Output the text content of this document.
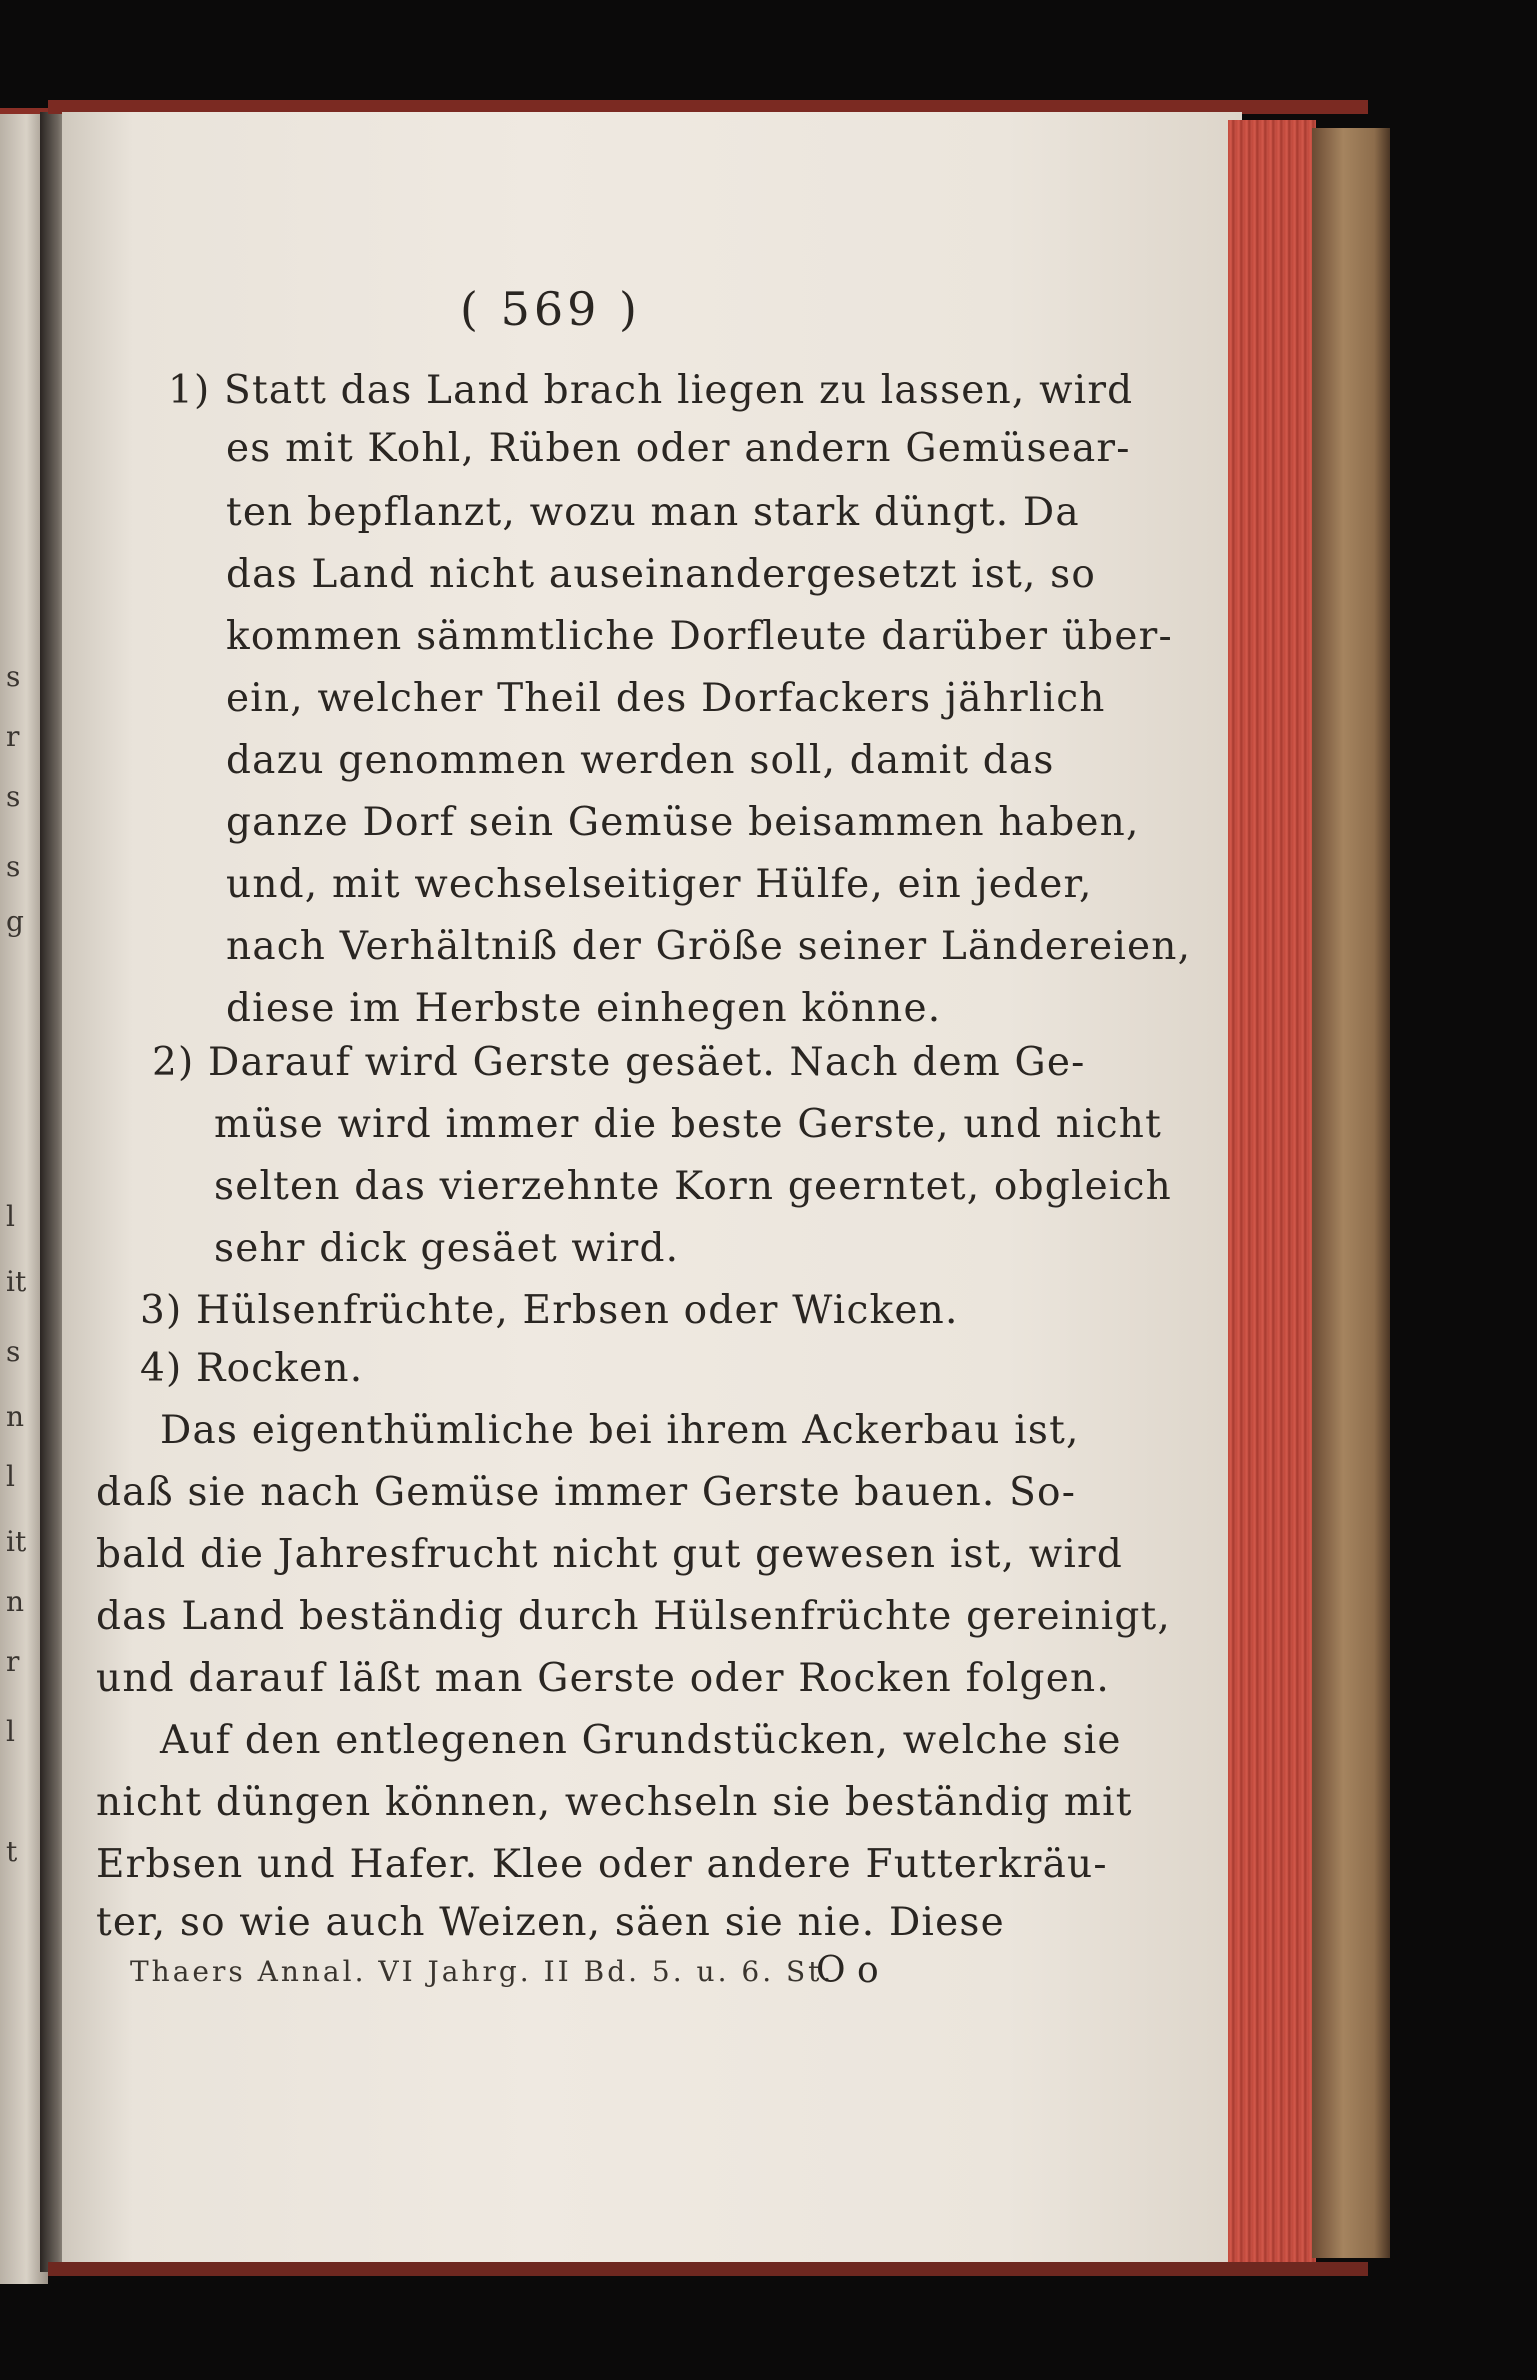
s
r
s
s
g
l
it
s
n
l
it
n
r
l
t
( 569 )
1) Statt das Land brach liegen zu lassen, wird
es mit Kohl, Rüben oder andern Gemüsear-
ten bepflanzt, wozu man stark düngt. Da
das Land nicht auseinandergesetzt ist, so
kommen sämmtliche Dorfleute darüber über-
ein, welcher Theil des Dorfackers jährlich
dazu genommen werden soll, damit das
ganze Dorf sein Gemüse beisammen haben,
und, mit wechselseitiger Hülfe, ein jeder,
nach Verhältniß der Größe seiner Ländereien,
diese im Herbste einhegen könne.
2) Darauf wird Gerste gesäet. Nach dem Ge-
müse wird immer die beste Gerste, und nicht
selten das vierzehnte Korn geerntet, obgleich
sehr dick gesäet wird.
3) Hülsenfrüchte, Erbsen oder Wicken.
4) Rocken.
Das eigenthümliche bei ihrem Ackerbau ist,
daß sie nach Gemüse immer Gerste bauen. So-
bald die Jahresfrucht nicht gut gewesen ist, wird
das Land beständig durch Hülsenfrüchte gereinigt,
und darauf läßt man Gerste oder Rocken folgen.
Auf den entlegenen Grundstücken, welche sie
nicht düngen können, wechseln sie beständig mit
Erbsen und Hafer. Klee oder andere Futterkräu-
ter, so wie auch Weizen, säen sie nie. Diese
Thaers Annal. VI Jahrg. II Bd. 5. u. 6. St.
O o
